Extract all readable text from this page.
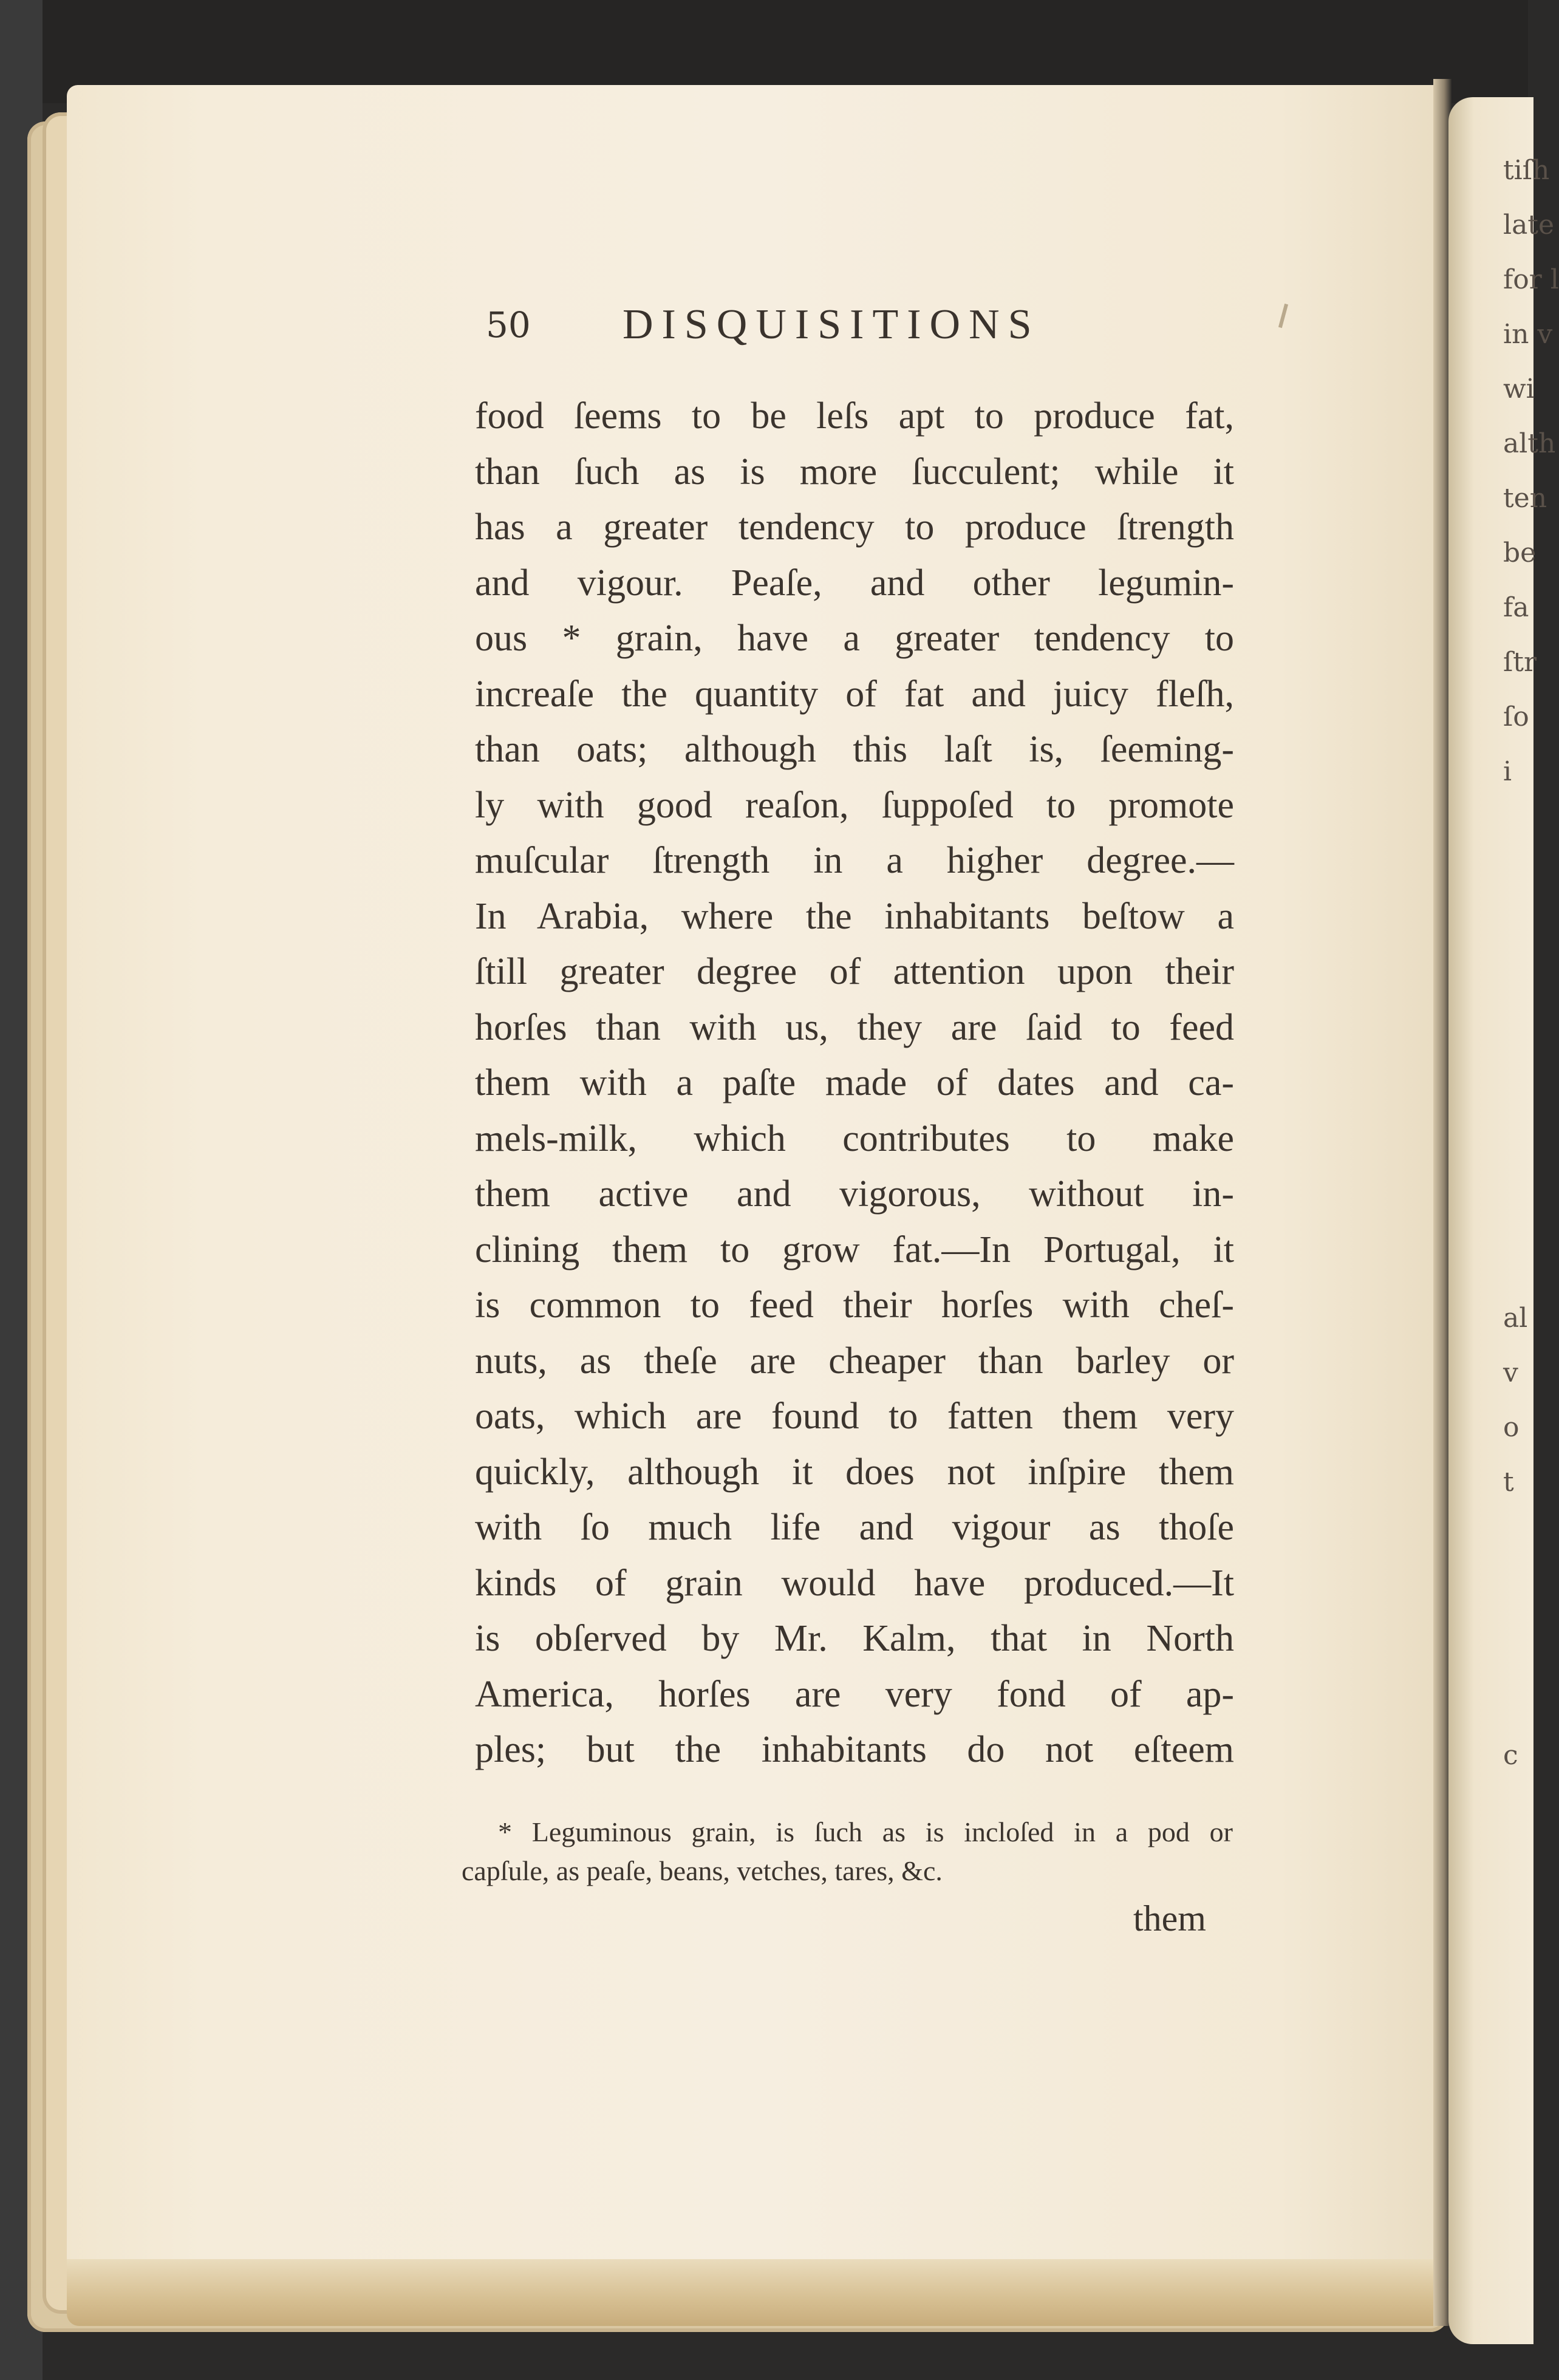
tiſh
late
for l
in v
wi
alth
ten
be
fa
ſtr
ſo
i
al
v
o
t
c
50 DISQUISITIONS
food ſeems to be leſs apt to produce fat,
than ſuch as is more ſucculent; while it
has a greater tendency to produce ſtrength
and vigour. Peaſe, and other legumin-
ous * grain, have a greater tendency to
increaſe the quantity of fat and juicy fleſh,
than oats; although this laſt is, ſeeming-
ly with good reaſon, ſuppoſed to promote
muſcular ſtrength in a higher degree.—
In Arabia, where the inhabitants beſtow a
ſtill greater degree of attention upon their
horſes than with us, they are ſaid to feed
them with a paſte made of dates and ca-
mels-milk, which contributes to make
them active and vigorous, without in-
clining them to grow fat.—In Portugal, it
is common to feed their horſes with cheſ-
nuts, as theſe are cheaper than barley or
oats, which are found to fatten them very
quickly, although it does not inſpire them
with ſo much life and vigour as thoſe
kinds of grain would have produced.—It
is obſerved by Mr. Kalm, that in North
America, horſes are very fond of ap-
ples; but the inhabitants do not eſteem
* Leguminous grain, is ſuch as is incloſed in a pod or
capſule, as peaſe, beans, vetches, tares, &c.
them
